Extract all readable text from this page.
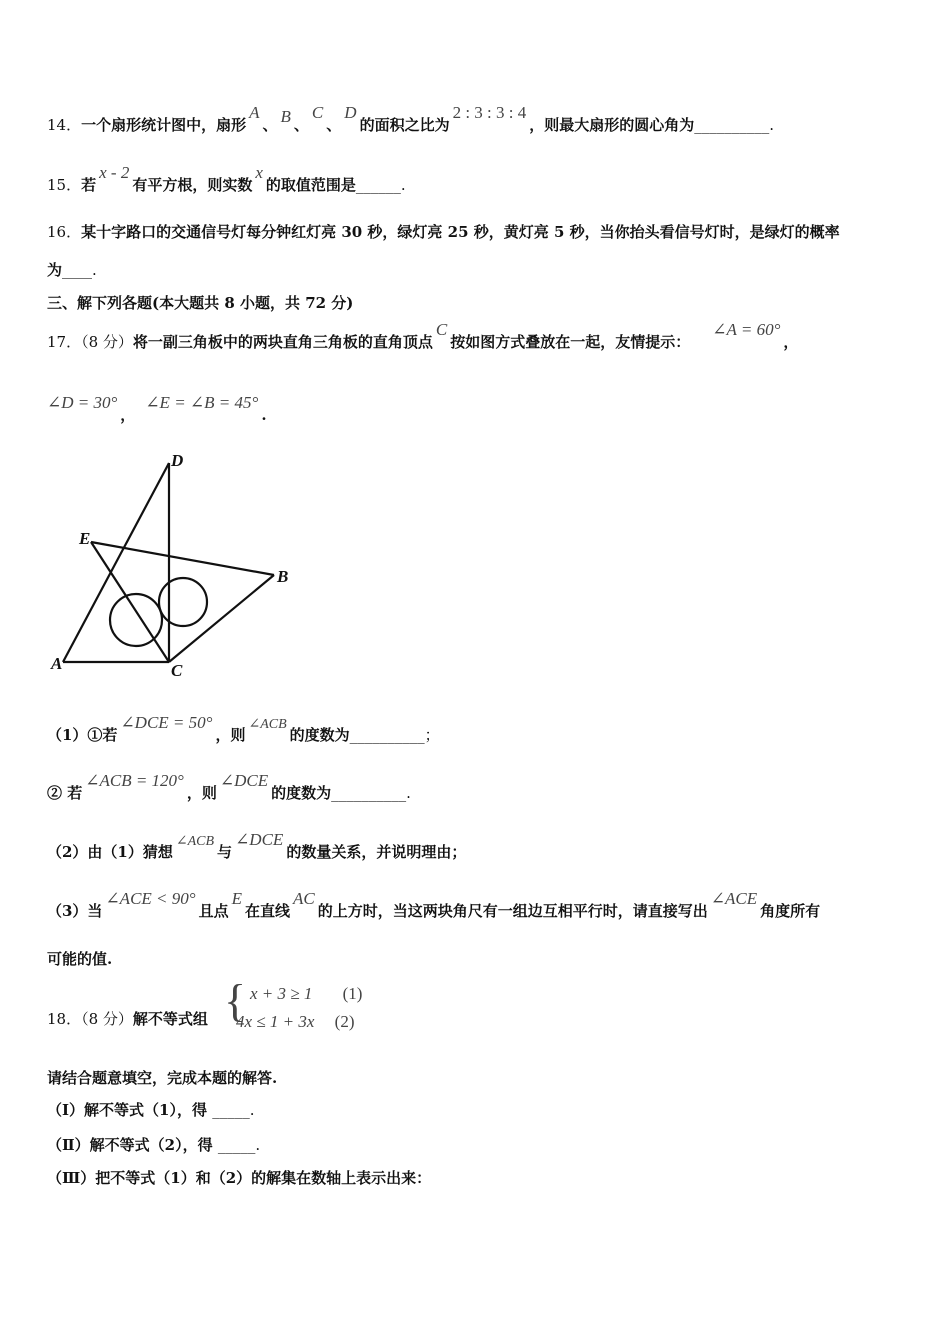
14．一个扇形统计图中，扇形A、 B 、C、D的面积之比为2 : 3 : 3 : 4，则最大扇形的圆心角为__________.
15．若x - 2有平方根，则实数x的取值范围是______.
16．某十字路口的交通信号灯每分钟红灯亮 30 秒，绿灯亮 25 秒，黄灯亮 5 秒，当你抬头看信号灯时，是绿灯的概率
为____.
三、解下列各题(本大题共 8 小题，共 72 分)
17．（8 分）将一副三角板中的两块直角三角板的直角顶点C按如图方式叠放在一起，友情提示：∠A = 60°，
∠D = 30°，∠E = ∠B = 45°.
D
E
B
A	C
（1）①若∠DCE = 50°，则∠ACB的度数为__________；
② 若∠ACB = 120°，则∠DCE的度数为__________.
（2）由（1）猜想∠ACB与∠DCE的数量关系，并说明理由；
（3）当∠ACE < 90°且点E在直线AC的上方时，当这两块角尺有一组边互相平行时，请直接写出∠ACE角度所有
可能的值.
18．（8 分）解不等式组 { x + 3 ≥ 1 (1)
4x ≤ 1 + 3x (2)
请结合题意填空，完成本题的解答.
（Ⅰ）解不等式（1），得 _____.
（Ⅱ）解不等式（2），得 _____.
（Ⅲ）把不等式（1）和（2）的解集在数轴上表示出来：
